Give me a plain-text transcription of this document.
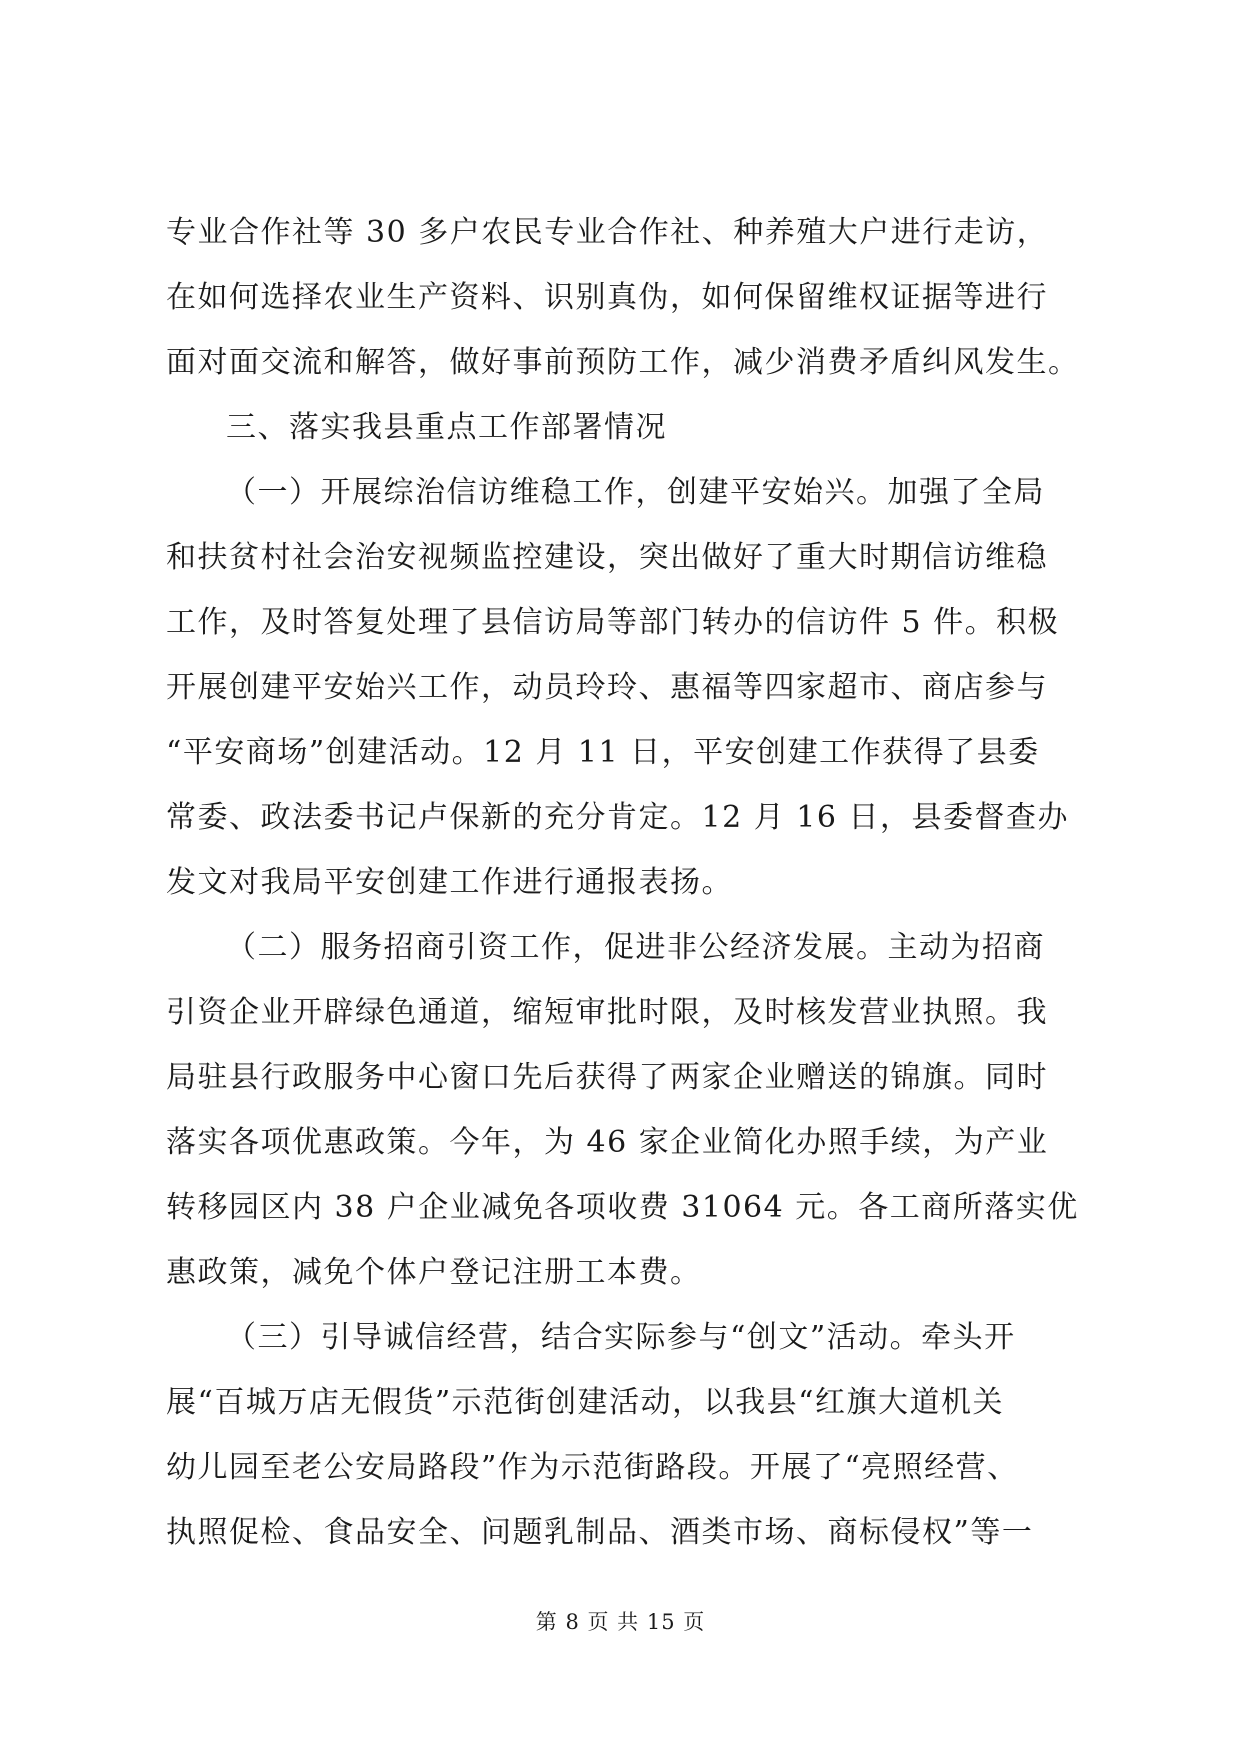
专业合作社等 30 多户农民专业合作社、种养殖大户进行走访，
在如何选择农业生产资料、识别真伪，如何保留维权证据等进行
面对面交流和解答，做好事前预防工作，减少消费矛盾纠风发生。
三、落实我县重点工作部署情况
（一）开展综治信访维稳工作，创建平安始兴。加强了全局
和扶贫村社会治安视频监控建设，突出做好了重大时期信访维稳
工作，及时答复处理了县信访局等部门转办的信访件 5 件。积极
开展创建平安始兴工作，动员玲玲、惠福等四家超市、商店参与
“平安商场”创建活动。12 月 11 日，平安创建工作获得了县委
常委、政法委书记卢保新的充分肯定。12 月 16 日，县委督查办
发文对我局平安创建工作进行通报表扬。
（二）服务招商引资工作，促进非公经济发展。主动为招商
引资企业开辟绿色通道，缩短审批时限，及时核发营业执照。我
局驻县行政服务中心窗口先后获得了两家企业赠送的锦旗。同时
落实各项优惠政策。今年，为 46 家企业简化办照手续，为产业
转移园区内 38 户企业减免各项收费 31064 元。各工商所落实优
惠政策，减免个体户登记注册工本费。
（三）引导诚信经营，结合实际参与“创文”活动。牵头开
展“百城万店无假货”示范街创建活动，以我县“红旗大道机关
幼儿园至老公安局路段”作为示范街路段。开展了“亮照经营、
执照促检、食品安全、问题乳制品、酒类市场、商标侵权”等一
第 8 页 共 15 页
